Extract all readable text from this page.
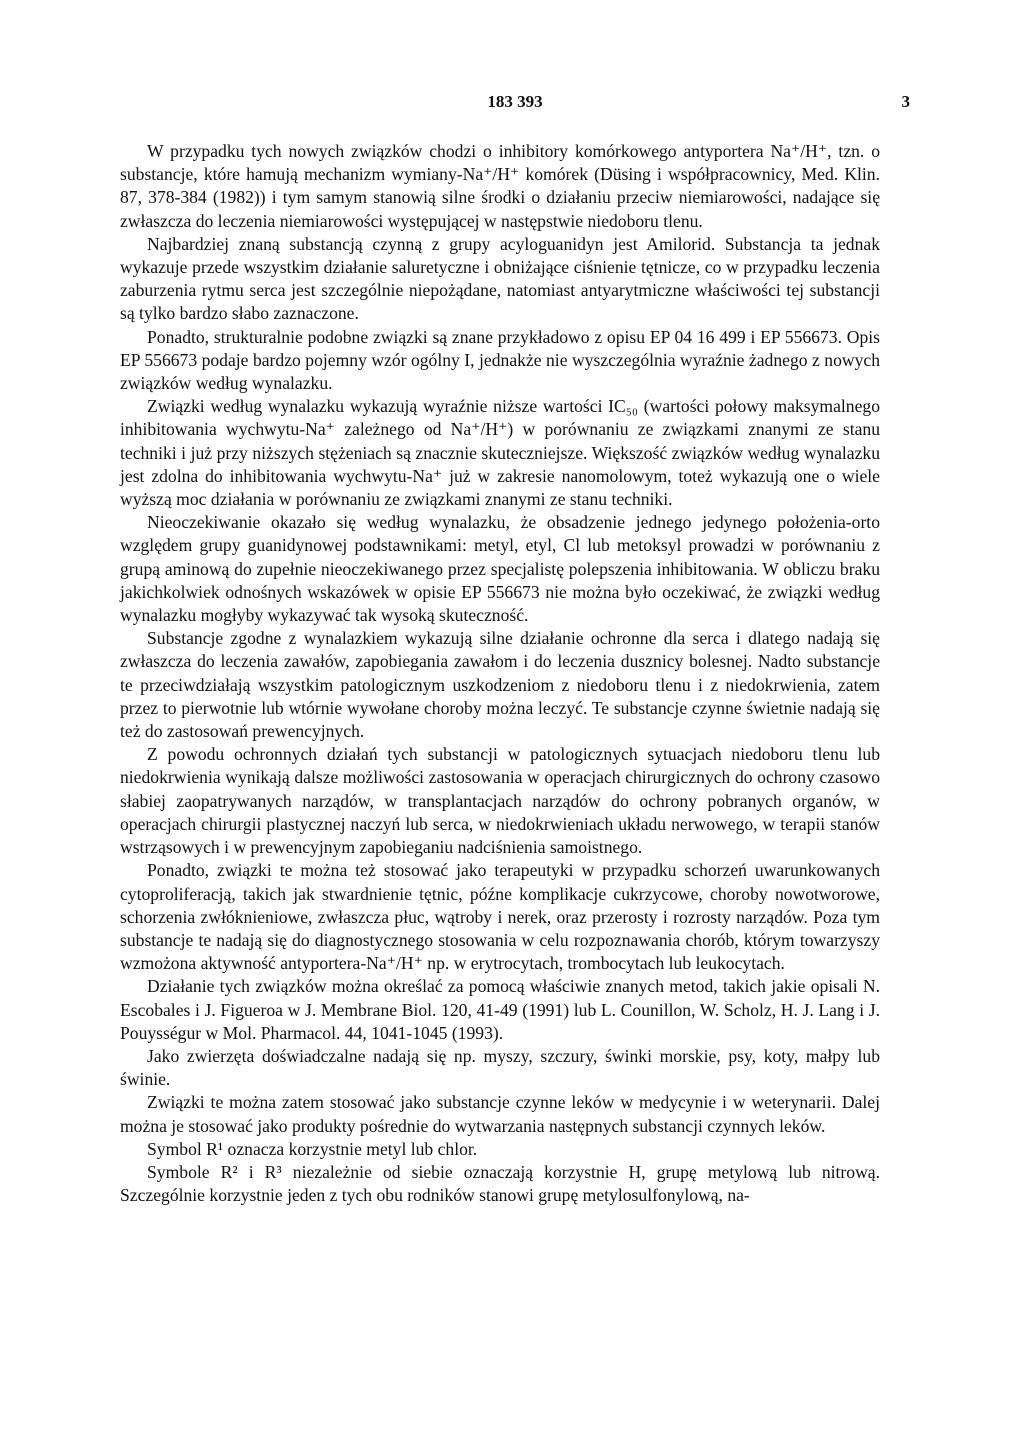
183 393	3

W przypadku tych nowych związków chodzi o inhibitory komórkowego antyportera Na⁺/H⁺, tzn. o substancje, które hamują mechanizm wymiany-Na⁺/H⁺ komórek (Düsing i współpracownicy, Med. Klin. 87, 378-384 (1982)) i tym samym stanowią silne środki o działaniu przeciw niemiarowości, nadające się zwłaszcza do leczenia niemiarowości występującej w następstwie niedoboru tlenu.

Najbardziej znaną substancją czynną z grupy acyloguanidyn jest Amilorid. Substancja ta jednak wykazuje przede wszystkim działanie saluretyczne i obniżające ciśnienie tętnicze, co w przypadku leczenia zaburzenia rytmu serca jest szczególnie niepożądane, natomiast antyarytmiczne właściwości tej substancji są tylko bardzo słabo zaznaczone.

Ponadto, strukturalnie podobne związki są znane przykładowo z opisu EP 04 16 499 i EP 556673. Opis EP 556673 podaje bardzo pojemny wzór ogólny I, jednakże nie wyszczególnia wyraźnie żadnego z nowych związków według wynalazku.

Związki według wynalazku wykazują wyraźnie niższe wartości IC₅₀ (wartości połowy maksymalnego inhibitowania wychwytu-Na⁺ zależnego od Na⁺/H⁺) w porównaniu ze związkami znanymi ze stanu techniki i już przy niższych stężeniach są znacznie skuteczniejsze. Większość związków według wynalazku jest zdolna do inhibitowania wychwytu-Na⁺ już w zakresie nanomolowym, toteż wykazują one o wiele wyższą moc działania w porównaniu ze związkami znanymi ze stanu techniki.

Nieoczekiwanie okazało się według wynalazku, że obsadzenie jednego jedynego położenia-orto względem grupy guanidynowej podstawnikami: metyl, etyl, Cl lub metoksyl prowadzi w porównaniu z grupą aminową do zupełnie nieoczekiwanego przez specjalistę polepszenia inhibitowania. W obliczu braku jakichkolwiek odnośnych wskazówek w opisie EP 556673 nie można było oczekiwać, że związki według wynalazku mogłyby wykazywać tak wysoką skuteczność.

Substancje zgodne z wynalazkiem wykazują silne działanie ochronne dla serca i dlatego nadają się zwłaszcza do leczenia zawałów, zapobiegania zawałom i do leczenia dusznicy bolesnej. Nadto substancje te przeciwdziałają wszystkim patologicznym uszkodzeniom z niedoboru tlenu i z niedokrwienia, zatem przez to pierwotnie lub wtórnie wywołane choroby można leczyć. Te substancje czynne świetnie nadają się też do zastosowań prewencyjnych.

Z powodu ochronnych działań tych substancji w patologicznych sytuacjach niedoboru tlenu lub niedokrwienia wynikają dalsze możliwości zastosowania w operacjach chirurgicznych do ochrony czasowo słabiej zaopatrywanych narządów, w transplantacjach narządów do ochrony pobranych organów, w operacjach chirurgii plastycznej naczyń lub serca, w niedokrwieniach układu nerwowego, w terapii stanów wstrząsowych i w prewencyjnym zapobieganiu nadciśnienia samoistnego.

Ponadto, związki te można też stosować jako terapeutyki w przypadku schorzeń uwarunkowanych cytoproliferacją, takich jak stwardnienie tętnic, późne komplikacje cukrzycowe, choroby nowotworowe, schorzenia zwłóknieniowe, zwłaszcza płuc, wątroby i nerek, oraz przerosty i rozrosty narządów. Poza tym substancje te nadają się do diagnostycznego stosowania w celu rozpoznawania chorób, którym towarzyszy wzmożona aktywność antyportera-Na⁺/H⁺ np. w erytrocytach, trombocytach lub leukocytach.

Działanie tych związków można określać za pomocą właściwie znanych metod, takich jakie opisali N. Escobales i J. Figueroa w J. Membrane Biol. 120, 41-49 (1991) lub L. Counillon, W. Scholz, H. J. Lang i J. Pouysségur w Mol. Pharmacol. 44, 1041-1045 (1993).

Jako zwierzęta doświadczalne nadają się np. myszy, szczury, świnki morskie, psy, koty, małpy lub świnie.

Związki te można zatem stosować jako substancje czynne leków w medycynie i w weterynarii. Dalej można je stosować jako produkty pośrednie do wytwarzania następnych substancji czynnych leków.

Symbol R¹ oznacza korzystnie metyl lub chlor.

Symbole R² i R³ niezależnie od siebie oznaczają korzystnie H, grupę metylową lub nitrową. Szczególnie korzystnie jeden z tych obu rodników stanowi grupę metylosulfonylową, na-
